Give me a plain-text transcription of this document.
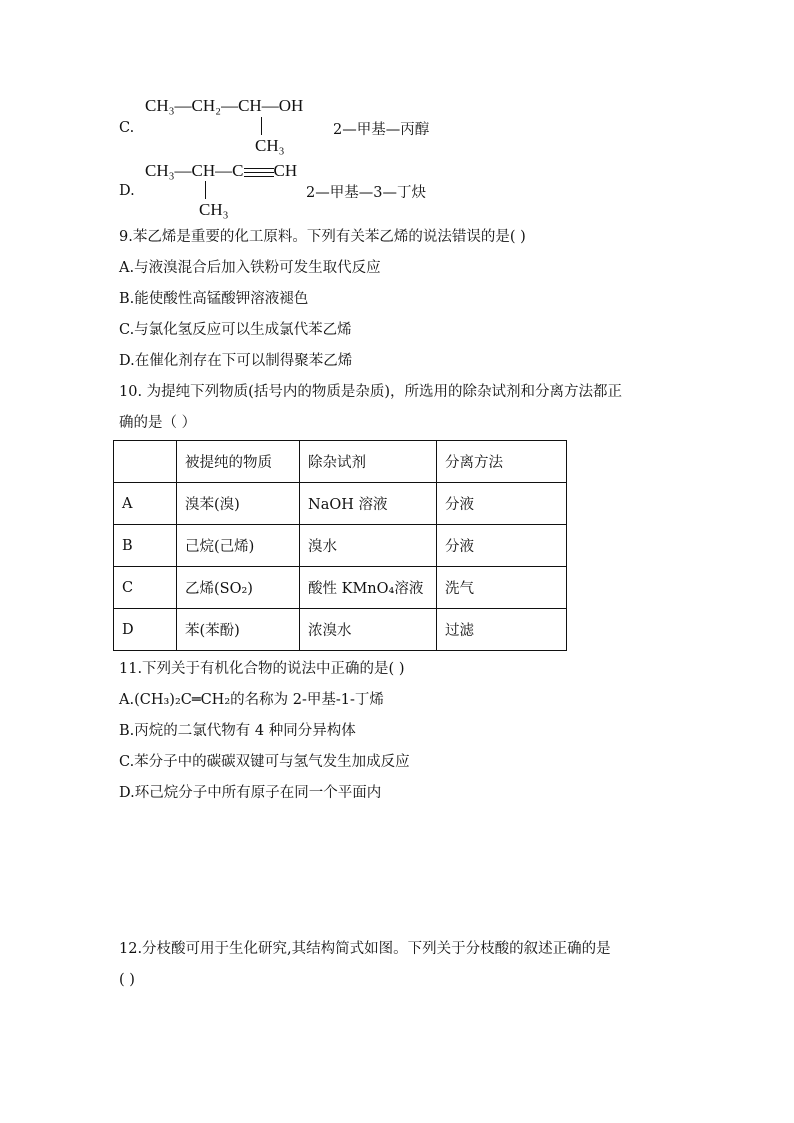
CH₃—CH₂—CH—OH
C.	2—甲基—丙醇
CH₃
CH₃—CH—C CH
D.	2—甲基—3—丁炔
CH₃
9.苯乙烯是重要的化工原料。下列有关苯乙烯的说法错误的是( )
A.与液溴混合后加入铁粉可发生取代反应
B.能使酸性高锰酸钾溶液褪色
C.与氯化氢反应可以生成氯代苯乙烯
D.在催化剂存在下可以制得聚苯乙烯
10. 为提纯下列物质(括号内的物质是杂质)，所选用的除杂试剂和分离方法都正
确的是（ ）
	被提纯的物质	除杂试剂	分离方法
A	溴苯(溴)	NaOH 溶液	分液
B	己烷(己烯)	溴水	分液
C	乙烯(SO₂)	酸性 KMnO₄溶液	洗气
D	苯(苯酚)	浓溴水	过滤
11.下列关于有机化合物的说法中正确的是( )
A.(CH₃)₂C═CH₂的名称为 2-甲基-1-丁烯
B.丙烷的二氯代物有 4 种同分异构体
C.苯分子中的碳碳双键可与氢气发生加成反应
D.环己烷分子中所有原子在同一个平面内
12.分枝酸可用于生化研究,其结构简式如图。下列关于分枝酸的叙述正确的是
( )
